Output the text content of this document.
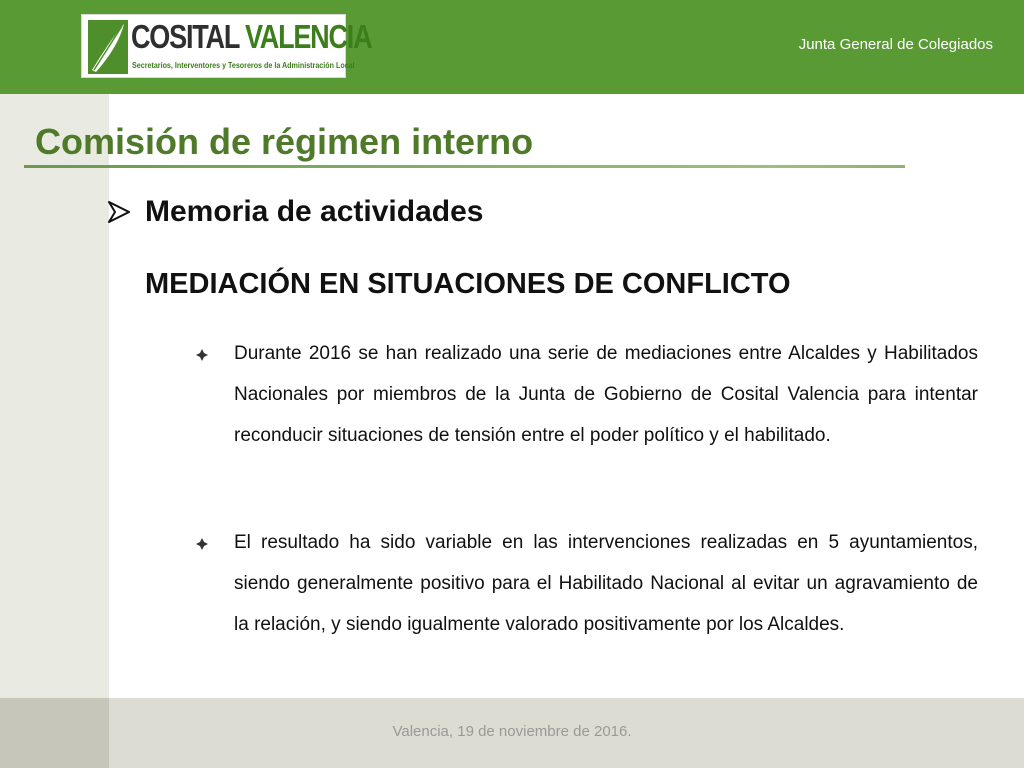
COSITAL VALENCIA
Secretarios, Interventores y Tesoreros de la Administración Local
Junta General de Colegiados
Comisión de régimen interno
Memoria de actividades
MEDIACIÓN EN SITUACIONES DE CONFLICTO

Durante 2016 se han realizado una serie de mediaciones entre Alcaldes y Habilitados Nacionales por miembros de la Junta de Gobierno de Cosital Valencia para intentar reconducir situaciones de tensión entre el poder político y el habilitado.

El resultado ha sido variable en las intervenciones realizadas en 5 ayuntamientos, siendo generalmente positivo para el Habilitado Nacional al evitar un agravamiento de la relación, y siendo igualmente valorado positivamente por los Alcaldes.

Valencia, 19 de noviembre de 2016.
